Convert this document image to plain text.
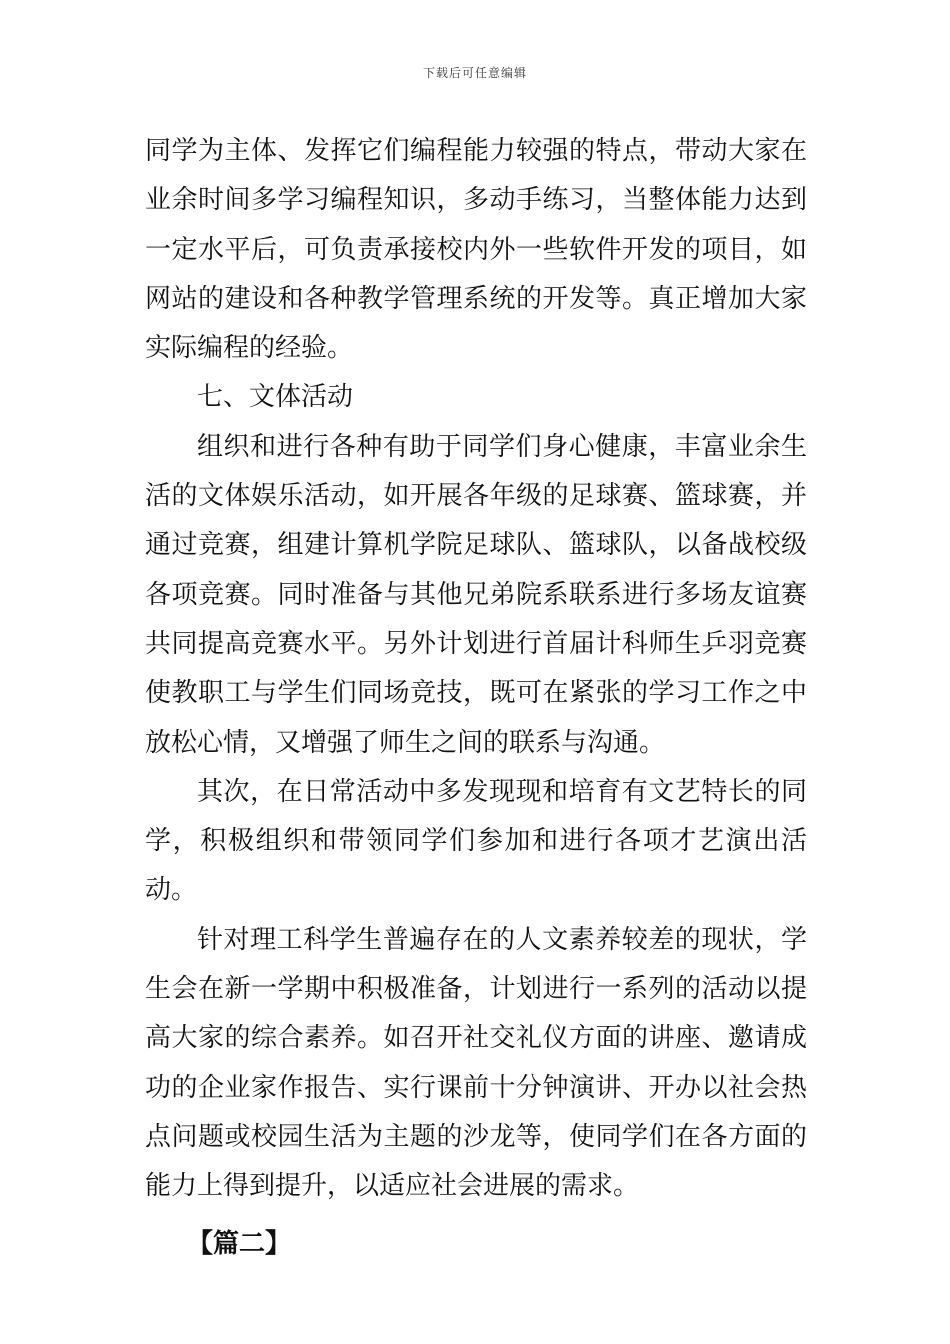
下载后可任意编辑

同学为主体、发挥它们编程能力较强的特点，带动大家在业余时间多学习编程知识，多动手练习，当整体能力达到一定水平后，可负责承接校内外一些软件开发的项目，如网站的建设和各种教学管理系统的开发等。真正增加大家实际编程的经验。

七、文体活动

组织和进行各种有助于同学们身心健康，丰富业余生活的文体娱乐活动，如开展各年级的足球赛、篮球赛，并通过竞赛，组建计算机学院足球队、篮球队，以备战校级各项竞赛。同时准备与其他兄弟院系联系进行多场友谊赛共同提高竞赛水平。另外计划进行首届计科师生乒羽竞赛使教职工与学生们同场竞技，既可在紧张的学习工作之中放松心情，又增强了师生之间的联系与沟通。

其次，在日常活动中多发现现和培育有文艺特长的同学，积极组织和带领同学们参加和进行各项才艺演出活动。

针对理工科学生普遍存在的人文素养较差的现状，学生会在新一学期中积极准备，计划进行一系列的活动以提高大家的综合素养。如召开社交礼仪方面的讲座、邀请成功的企业家作报告、实行课前十分钟演讲、开办以社会热点问题或校园生活为主题的沙龙等，使同学们在各方面的能力上得到提升，以适应社会进展的需求。

【篇二】
